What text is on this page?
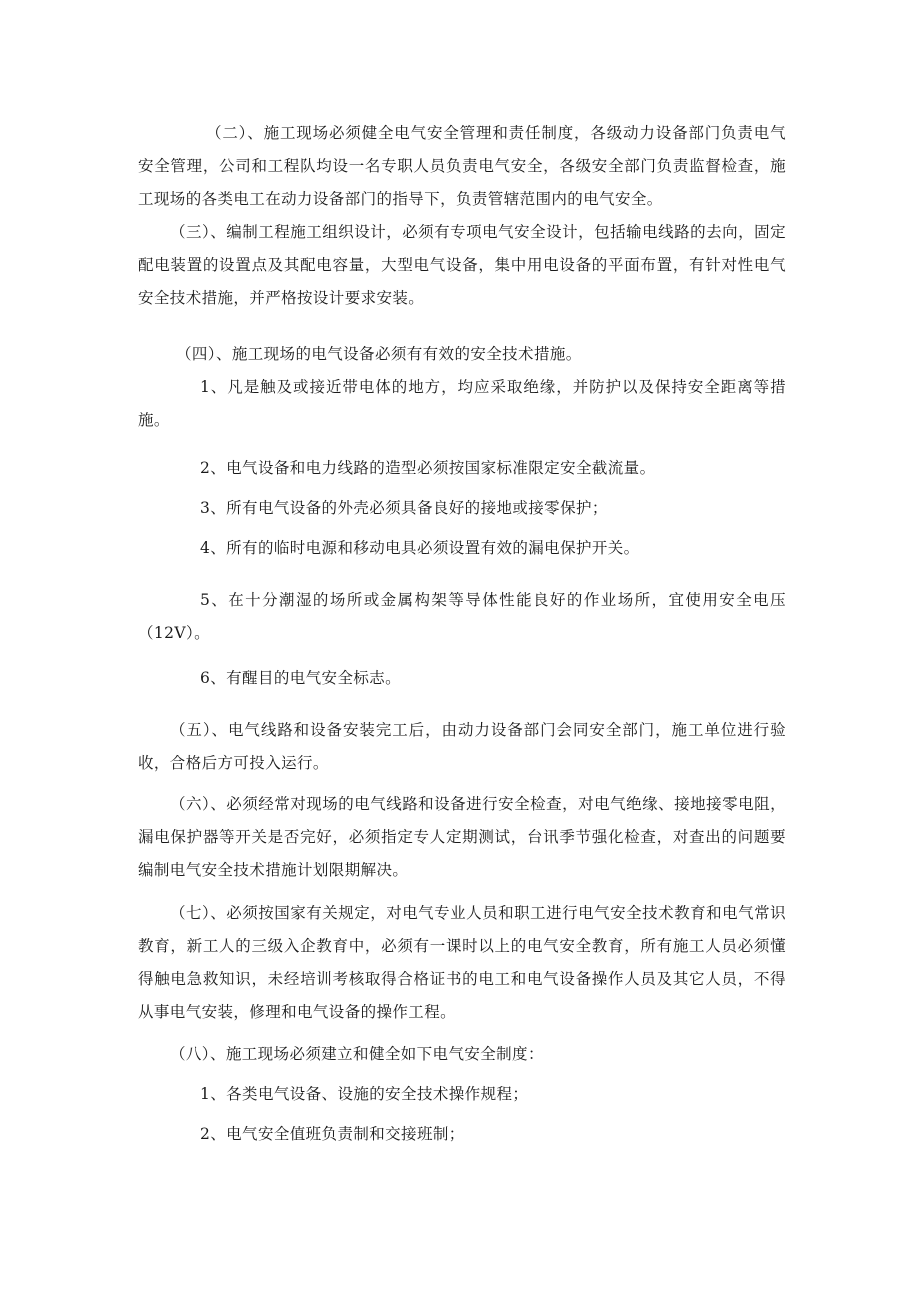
（二）、施工现场必须健全电气安全管理和责任制度，各级动力设备部门负责电气安全管理，公司和工程队均设一名专职人员负责电气安全，各级安全部门负责监督检查，施工现场的各类电工在动力设备部门的指导下，负责管辖范围内的电气安全。

（三）、编制工程施工组织设计，必须有专项电气安全设计，包括输电线路的去向，固定配电装置的设置点及其配电容量，大型电气设备，集中用电设备的平面布置，有针对性电气安全技术措施，并严格按设计要求安装。

（四）、施工现场的电气设备必须有有效的安全技术措施。

1、凡是触及或接近带电体的地方，均应采取绝缘，并防护以及保持安全距离等措施。

2、电气设备和电力线路的造型必须按国家标准限定安全截流量。

3、所有电气设备的外壳必须具备良好的接地或接零保护；

4、所有的临时电源和移动电具必须设置有效的漏电保护开关。

5、在十分潮湿的场所或金属构架等导体性能良好的作业场所，宜使用安全电压（12V）。

6、有醒目的电气安全标志。

（五）、电气线路和设备安装完工后，由动力设备部门会同安全部门，施工单位进行验收，合格后方可投入运行。

（六）、必须经常对现场的电气线路和设备进行安全检查，对电气绝缘、接地接零电阻，漏电保护器等开关是否完好，必须指定专人定期测试，台讯季节强化检查，对查出的问题要编制电气安全技术措施计划限期解决。

（七）、必须按国家有关规定，对电气专业人员和职工进行电气安全技术教育和电气常识教育，新工人的三级入企教育中，必须有一课时以上的电气安全教育，所有施工人员必须懂得触电急救知识，未经培训考核取得合格证书的电工和电气设备操作人员及其它人员，不得从事电气安装，修理和电气设备的操作工程。

（八）、施工现场必须建立和健全如下电气安全制度：

1、各类电气设备、设施的安全技术操作规程；

2、电气安全值班负责制和交接班制；
